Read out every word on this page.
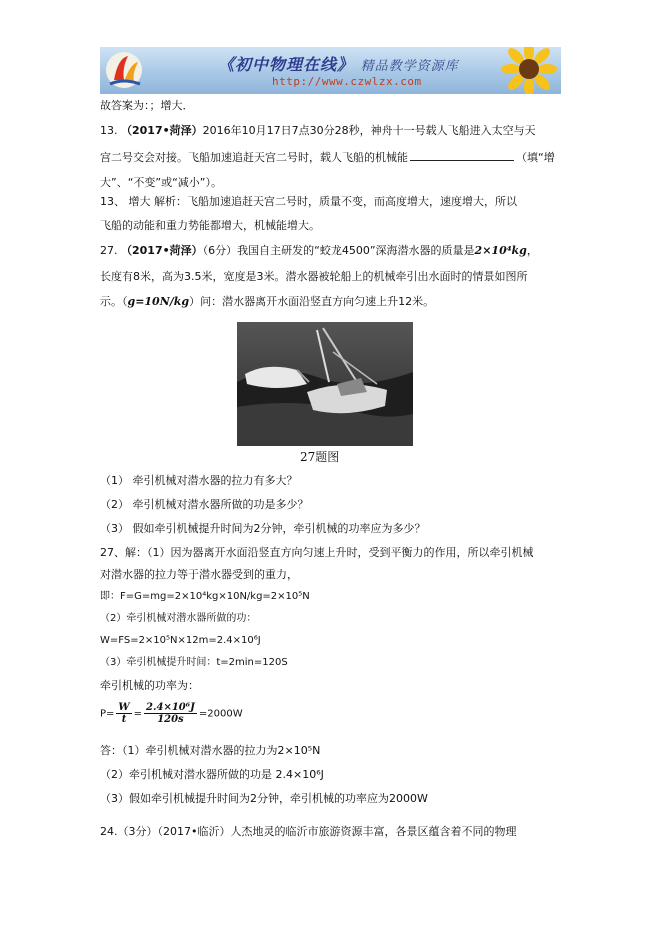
《初中物理在线》 精品教学资源库
http://www.czwlzx.com
故答案为：；增大．
13. （2017•菏泽）2016年10月17日7点30分28秒，神舟十一号载人飞船进入太空与天
宫二号交会对接。飞船加速追赶天宫二号时，载人飞船的机械能	（填“增
大”、“不变”或“减小”）。
13、 增大 解析：飞船加速追赶天宫二号时，质量不变，而高度增大，速度增大，所以
飞船的动能和重力势能都增大，机械能增大。
27. （2017•菏泽）（6分）我国自主研发的“蛟龙4500”深海潜水器的质量是2×10⁴kg，
长度有8米，高为3.5米，宽度是3米。潜水器被轮船上的机械牵引出水面时的情景如图所
示。（g=10N/kg）问：潜水器离开水面沿竖直方向匀速上升12米。
27题图
（1） 牵引机械对潜水器的拉力有多大？
（2） 牵引机械对潜水器所做的功是多少？
（3） 假如牵引机械提升时间为2分钟，牵引机械的功率应为多少？
27、解：（1）因为器离开水面沿竖直方向匀速上升时，受到平衡力的作用，所以牵引机械
对潜水器的拉力等于潜水器受到的重力，
即：F=G=mg=2×10⁴kg×10N/kg=2×10⁵N
（2）牵引机械对潜水器所做的功：
W=FS=2×10⁵N×12m=2.4×10⁶J
（3）牵引机械提升时间：t=2min=120S
牵引机械的功率为：
$P= \frac{W}{t} = \frac{\text{2.4×10⁶J}}{120s} =2000W$
答：（1）牵引机械对潜水器的拉力为2×10⁵N
（2）牵引机械对潜水器所做的功是 2.4×10⁶J
（3）假如牵引机械提升时间为2分钟，牵引机械的功率应为2000W
24.（3分）（2017•临沂）人杰地灵的临沂市旅游资源丰富，各景区蕴含着不同的物理
